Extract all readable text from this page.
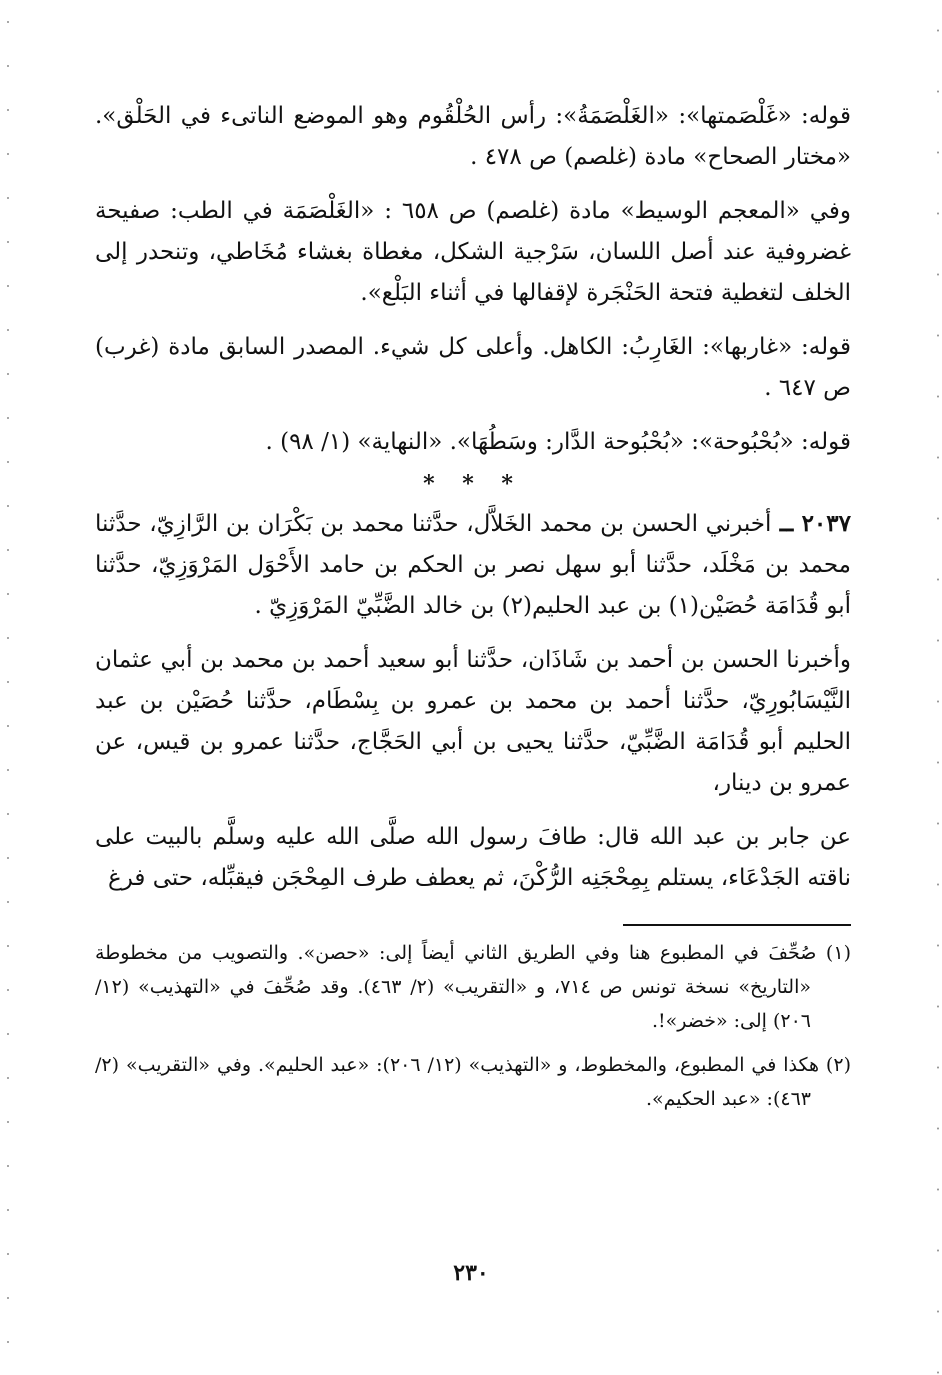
قوله: «غَلْصَمتها»: «الغَلْصَمَةُ»: رأس الحُلْقُوم وهو الموضع الناتىء في الحَلْق». «مختار الصحاح» مادة (غلصم) ص ٤٧٨ .

وفي «المعجم الوسيط» مادة (غلصم) ص ٦٥٨ : «الغَلْصَمَة في الطب: صفيحة غضروفية عند أصل اللسان، سَرْجية الشكل، مغطاة بغشاء مُخَاطي، وتنحدر إلى الخلف لتغطية فتحة الحَنْجَرة لإقفالها في أثناء البَلْع».

قوله: «غاربها»: الغَارِبُ: الكاهل. وأعلى كل شيء. المصدر السابق مادة (غرب) ص ٦٤٧ .

قوله: «بُحْبُوحة»: «بُحْبُوحة الدَّار: وسَطُهَا». «النهاية» (١/ ٩٨) .

* * *

٢٠٣٧ ــ أخبرني الحسن بن محمد الخَلاَّل، حدَّثنا محمد بن بَكْرَان بن الرَّازِيّ، حدَّثنا محمد بن مَخْلَد، حدَّثنا أبو سهل نصر بن الحكم بن حامد الأَحْوَل المَرْوَزِيّ، حدَّثنا أبو قُدَامَة حُصَيْن(١) بن عبد الحليم(٢) بن خالد الضَّبِّيّ المَرْوَزِيّ .

وأخبرنا الحسن بن أحمد بن شَاذَان، حدَّثنا أبو سعيد أحمد بن محمد بن أبي عثمان النَّيْسَابُورِيّ، حدَّثنا أحمد بن محمد بن عمرو بن بِسْطَام، حدَّثنا حُصَيْن بن عبد الحليم أبو قُدَامَة الضَّبِّيّ، حدَّثنا يحيى بن أبي الحَجَّاج، حدَّثنا عمرو بن قيس، عن عمرو بن دينار،

عن جابر بن عبد الله قال: طافَ رسول الله صلَّى الله عليه وسلَّم بالبيت على ناقته الجَدْعَاء، يستلم بِمِحْجَنِه الرُّكْنَ، ثم يعطف طرف المِحْجَن فيقبِّله، حتى فرغ

(١) صُحِّفَ في المطبوع هنا وفي الطريق الثاني أيضاً إلى: «حصن». والتصويب من مخطوطة «التاريخ» نسخة تونس ص ٧١٤، و «التقريب» (٢/ ٤٦٣). وقد صُحِّفَ في «التهذيب» (١٢/ ٢٠٦) إلى: «خضر»!.

(٢) هكذا في المطبوع، والمخطوط، و «التهذيب» (١٢/ ٢٠٦): «عبد الحليم». وفي «التقريب» (٢/ ٤٦٣): «عبد الحكيم».

٢٣٠
